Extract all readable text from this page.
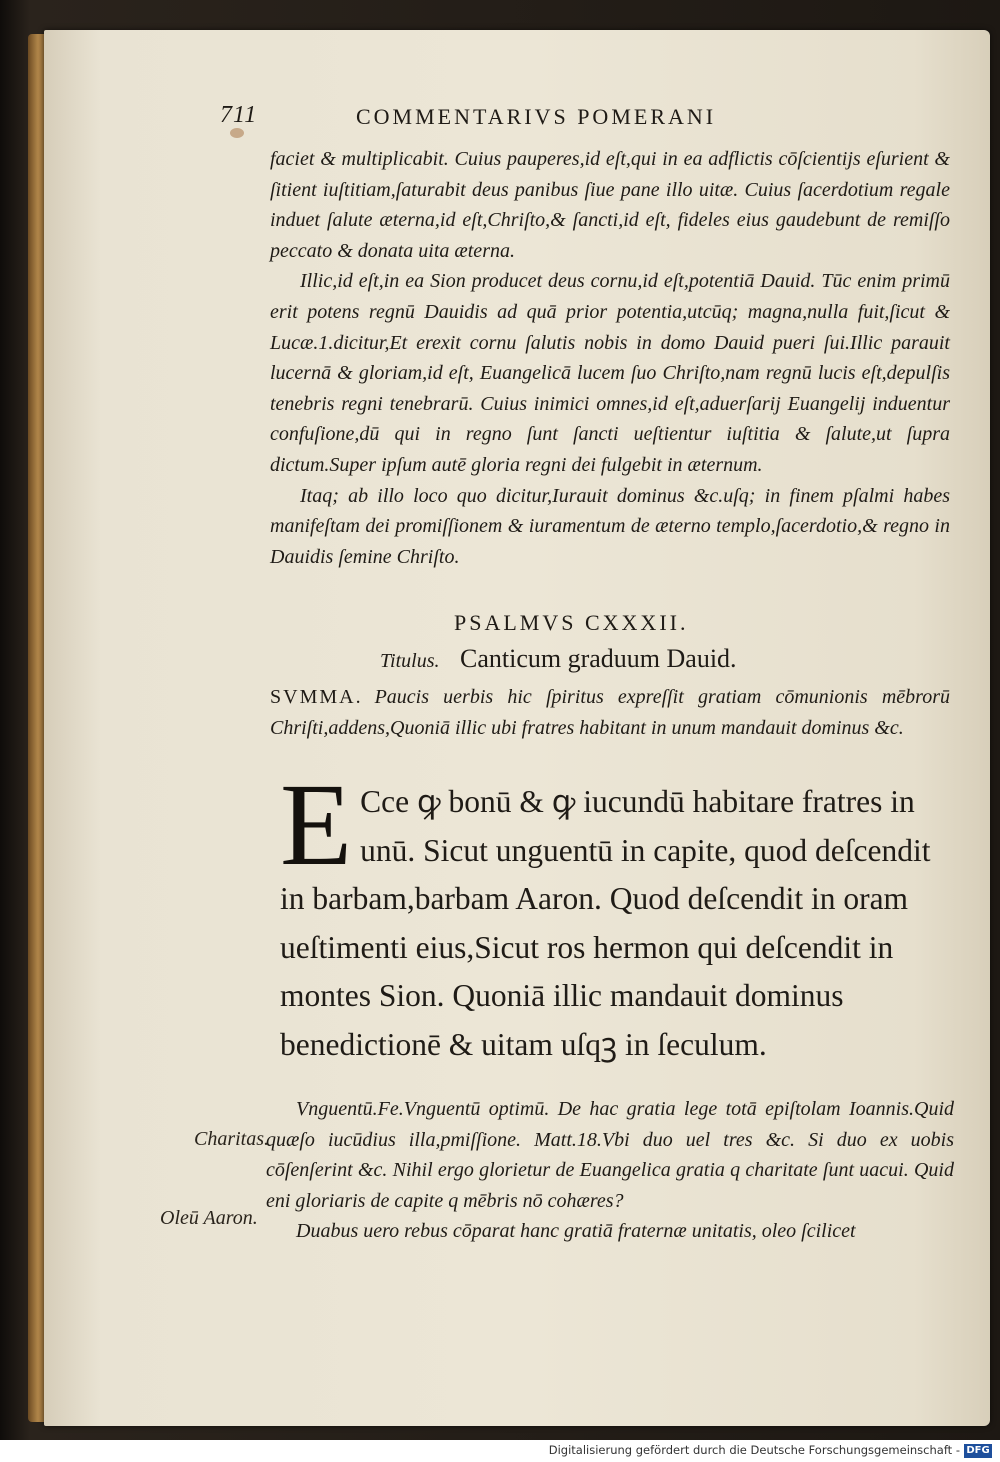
711	COMMENTARIVS POMERANI

faciet & multiplicabit. Cuius pauperes,id eſt,qui in ea adflictis cōſcientijs eſurient & ſitient iuſtitiam,ſaturabit deus panibus ſiue pane illo uitæ. Cuius ſacerdotium regale induet ſalute æterna,id eſt,Chriſto,& ſancti,id eſt, fideles eius gaudebunt de remiſſo peccato & donata uita æterna.

Illic,id eſt,in ea Sion producet deus cornu,id eſt,potentiā Dauid. Tūc enim primū erit potens regnū Dauidis ad quā prior potentia,utcūq; magna,nulla fuit,ſicut & Lucæ.1.dicitur,Et erexit cornu ſalutis nobis in domo Dauid pueri ſui.Illic parauit lucernā & gloriam,id eſt, Euangelicā lucem ſuo Chriſto,nam regnū lucis eſt,depulſis tenebris regni tenebrarū. Cuius inimici omnes,id eſt,aduerſarij Euangelij induentur confuſione,dū qui in regno ſunt ſancti ueſtientur iuſtitia & ſalute,ut ſupra dictum.Super ipſum autē gloria regni dei fulgebit in æternum.

Itaq; ab illo loco quo dicitur,Iurauit dominus &c.uſq; in finem pſalmi habes manifeſtam dei promiſſionem & iuramentum de æterno templo,ſacerdotio,& regno in Dauidis ſemine Chriſto.

PSALMVS CXXXII.
Titulus. Canticum graduum Dauid.

SVMMA. Paucis uerbis hic ſpiritus expreſſit gratiam cōmunionis mēbrorū Chriſti,addens,Quoniā illic ubi fratres habitant in unum mandauit dominus &c.

E Cce ꝙ bonū & ꝙ iucundū habitare fratres in unū. Sicut unguentū in capite, quod deſcendit in barbam,barbam Aaron. Quod deſcendit in oram ueſtimenti eius,Sicut ros hermon qui deſcendit in montes Sion. Quoniā illic mandauit dominus benedictionē & uitam uſqꝫ in ſeculum.

Vnguentū.Fe.Vnguentū optimū. De hac gratia lege totā epiſtolam Ioannis.Quid quæſo iucūdius illa,pmiſſione. Matt.18.Vbi duo uel tres &c. Si duo ex uobis cōſenſerint &c. Nihil ergo glorietur de Euangelica gratia q charitate ſunt uacui. Quid eni gloriaris de capite q mēbris nō cohæres?

Duabus uero rebus cōparat hanc gratiā fraternæ unitatis, oleo ſcilicet

Charitas.
Oleū Aaron.
Digitalisierung gefördert durch die Deutsche Forschungsgemeinschaft - DFG
